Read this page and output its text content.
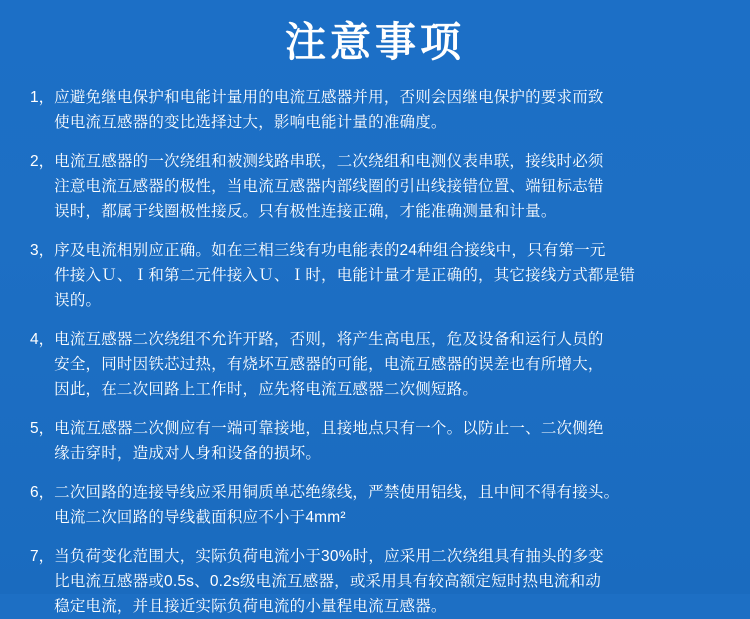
注意事项
1， 应避免继电保护和电能计量用的电流互感器并用，否则会因继电保护的要求而致
使电流互感器的变比选择过大，影响电能计量的准确度。
2， 电流互感器的一次绕组和被测线路串联，二次绕组和电测仪表串联，接线时必须
注意电流互感器的极性，当电流互感器内部线圈的引出线接错位置、端钮标志错
误时，都属于线圈极性接反。只有极性连接正确，才能准确测量和计量。
3， 序及电流相别应正确。如在三相三线有功电能表的24种组合接线中，只有第一元
件接入Ｕ、Ｉ和第二元件接入Ｕ、Ｉ时，电能计量才是正确的，其它接线方式都是错
误的。
4， 电流互感器二次绕组不允许开路，否则，将产生高电压，危及设备和运行人员的
安全，同时因铁芯过热，有烧坏互感器的可能，电流互感器的误差也有所增大，
因此，在二次回路上工作时，应先将电流互感器二次侧短路。
5， 电流互感器二次侧应有一端可靠接地，且接地点只有一个。以防止一、二次侧绝
缘击穿时，造成对人身和设备的损坏。
6， 二次回路的连接导线应采用铜质单芯绝缘线，严禁使用铝线，且中间不得有接头。
电流二次回路的导线截面积应不小于4mm²
7， 当负荷变化范围大，实际负荷电流小于30%时，应采用二次绕组具有抽头的多变
比电流互感器或0.5s、0.2s级电流互感器，或采用具有较高额定短时热电流和动
稳定电流，并且接近实际负荷电流的小量程电流互感器。
